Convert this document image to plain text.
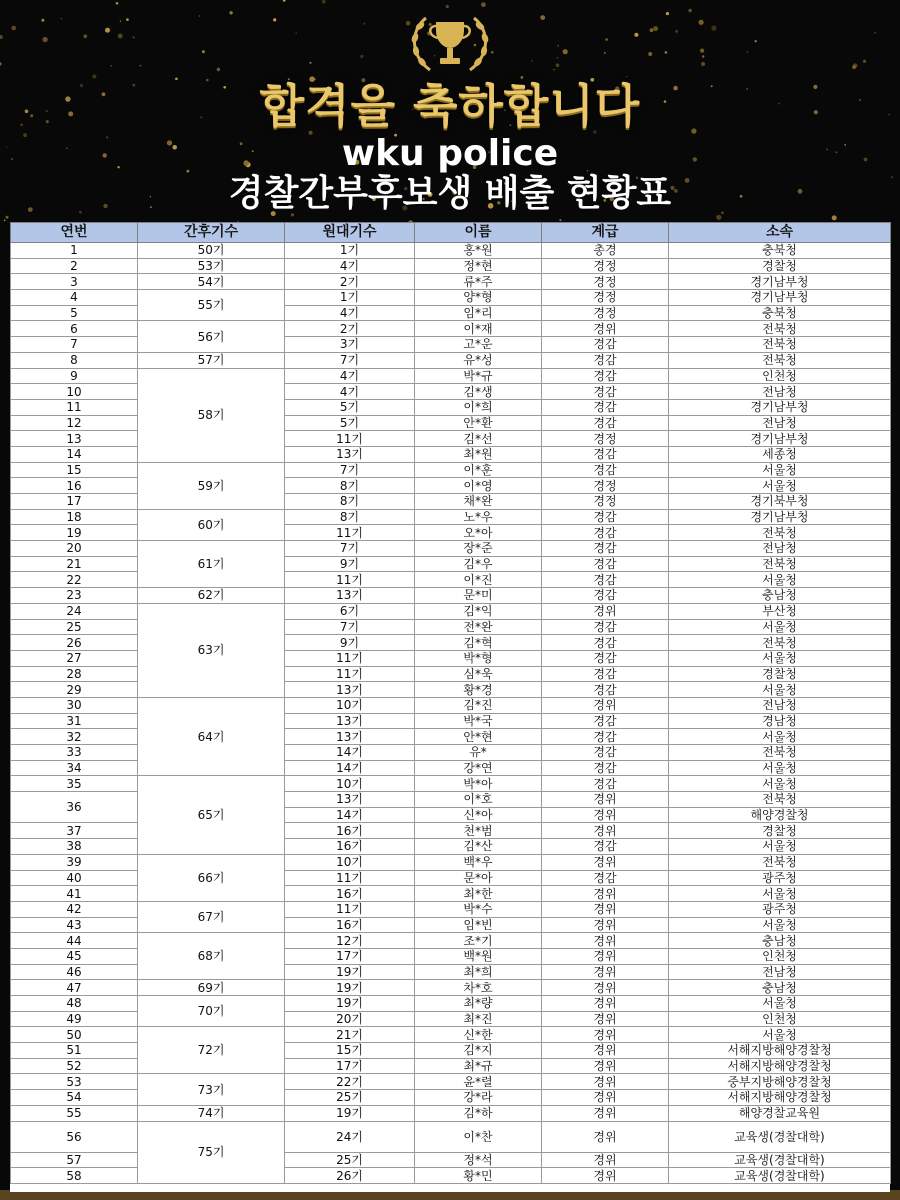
합격을 축하합니다
wku police
경찰간부후보생 배출 현황표
연번	간후기수	원대기수	이름	계급	소속
1	50기	1기	홍*원	총경	충북청
2	53기	4기	정*현	경정	경찰청
3	54기	2기	류*주	경정	경기남부청
4	55기	1기	양*형	경정	경기남부청
5		4기	임*리	경정	충북청
6	56기	2기	이*재	경위	전북청
7		3기	고*운	경감	전북청
8	57기	7기	유*성	경감	전북청
9	58기	4기	박*규	경감	인천청
10		4기	김*생	경감	전남청
11		5기	이*희	경감	경기남부청
12		5기	안*환	경감	전남청
13		11기	김*선	경정	경기남부청
14		13기	최*원	경감	세종청
15	59기	7기	이*훈	경감	서울청
16		8기	이*영	경정	서울청
17		8기	채*완	경정	경기북부청
18	60기	8기	노*우	경감	경기남부청
19		11기	오*아	경감	전북청
20	61기	7기	장*준	경감	전남청
21		9기	김*우	경감	전북청
22		11기	이*진	경감	서울청
23	62기	13기	문*미	경감	충남청
24	63기	6기	김*익	경위	부산청
25		7기	전*완	경감	서울청
26		9기	김*혁	경감	전북청
27		11기	박*형	경감	서울청
28		11기	심*욱	경감	경찰청
29		13기	황*경	경감	서울청
30	64기	10기	김*진	경위	전남청
31		13기	박*국	경감	경남청
32		13기	안*현	경감	서울청
33		14기	유*	경감	전북청
34		14기	강*연	경감	서울청
35	65기	10기	박*아	경감	서울청
36		13기	이*호	경위	전북청
		14기	신*아	경위	해양경찰청
37		16기	천*범	경위	경찰청
38		16기	김*산	경감	서울청
39	66기	10기	백*우	경위	전북청
40		11기	문*아	경감	광주청
41		16기	최*한	경위	서울청
42	67기	11기	박*수	경위	광주청
43		16기	임*빈	경위	서울청
44	68기	12기	조*기	경위	충남청
45		17기	백*원	경위	인천청
46		19기	최*희	경위	전남청
47	69기	19기	차*호	경위	충남청
48	70기	19기	최*량	경위	서울청
49		20기	최*진	경위	인천청
50	72기	21기	신*한	경위	서울청
51		15기	김*지	경위	서해지방해양경찰청
52		17기	최*규	경위	서해지방해양경찰청
53	73기	22기	윤*렬	경위	중부지방해양경찰청
54		25기	강*라	경위	서해지방해양경찰청
55	74기	19기	김*하	경위	해양경찰교육원
56	75기	24기	이*찬	경위	교육생(경찰대학)
57		25기	정*석	경위	교육생(경찰대학)
58		26기	황*민	경위	교육생(경찰대학)
